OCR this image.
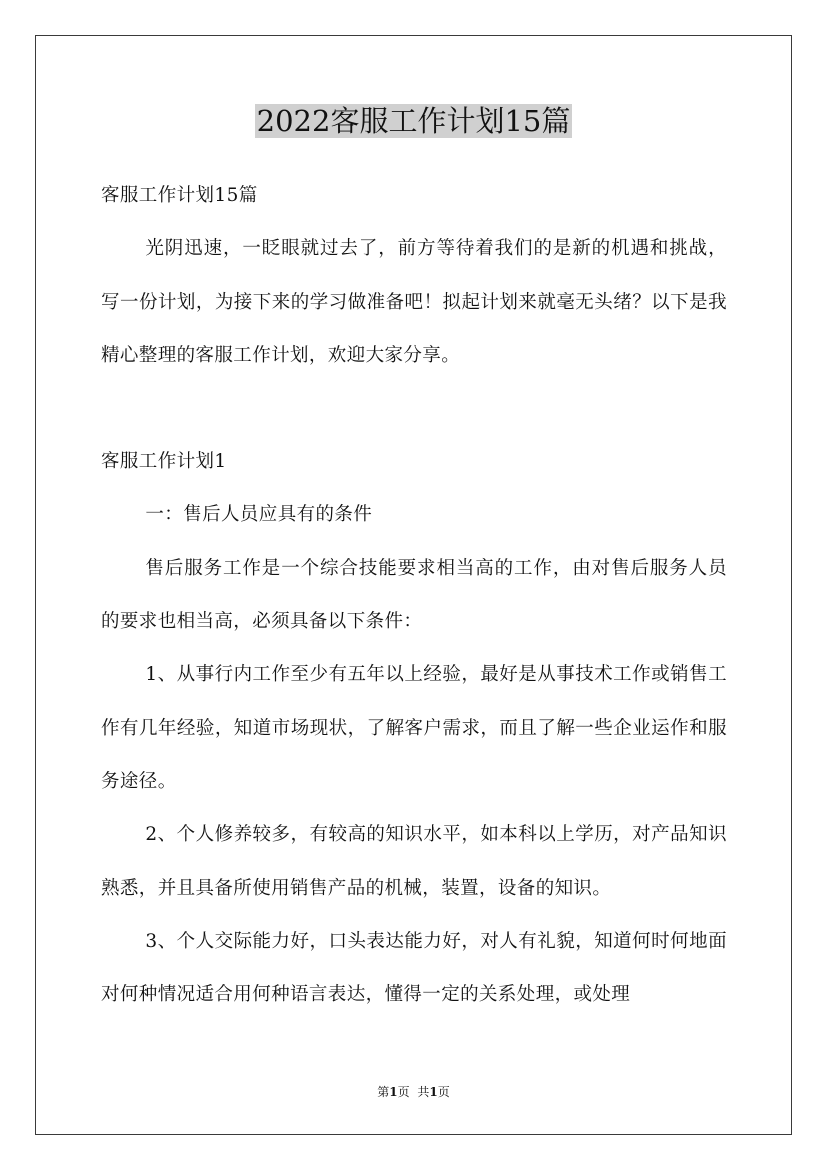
2022客服工作计划15篇

客服工作计划15篇

光阴迅速，一眨眼就过去了，前方等待着我们的是新的机遇和挑战，写一份计划，为接下来的学习做准备吧！拟起计划来就毫无头绪？以下是我精心整理的客服工作计划，欢迎大家分享。

客服工作计划1

一：售后人员应具有的条件

售后服务工作是一个综合技能要求相当高的工作，由对售后服务人员的要求也相当高，必须具备以下条件：

1、从事行内工作至少有五年以上经验，最好是从事技术工作或销售工作有几年经验，知道市场现状，了解客户需求，而且了解一些企业运作和服务途径。

2、个人修养较多，有较高的知识水平，如本科以上学历，对产品知识熟悉，并且具备所使用销售产品的机械，装置，设备的知识。

3、个人交际能力好，口头表达能力好，对人有礼貌，知道何时何地面对何种情况适合用何种语言表达，懂得一定的关系处理，或处理

第1页 共1页
